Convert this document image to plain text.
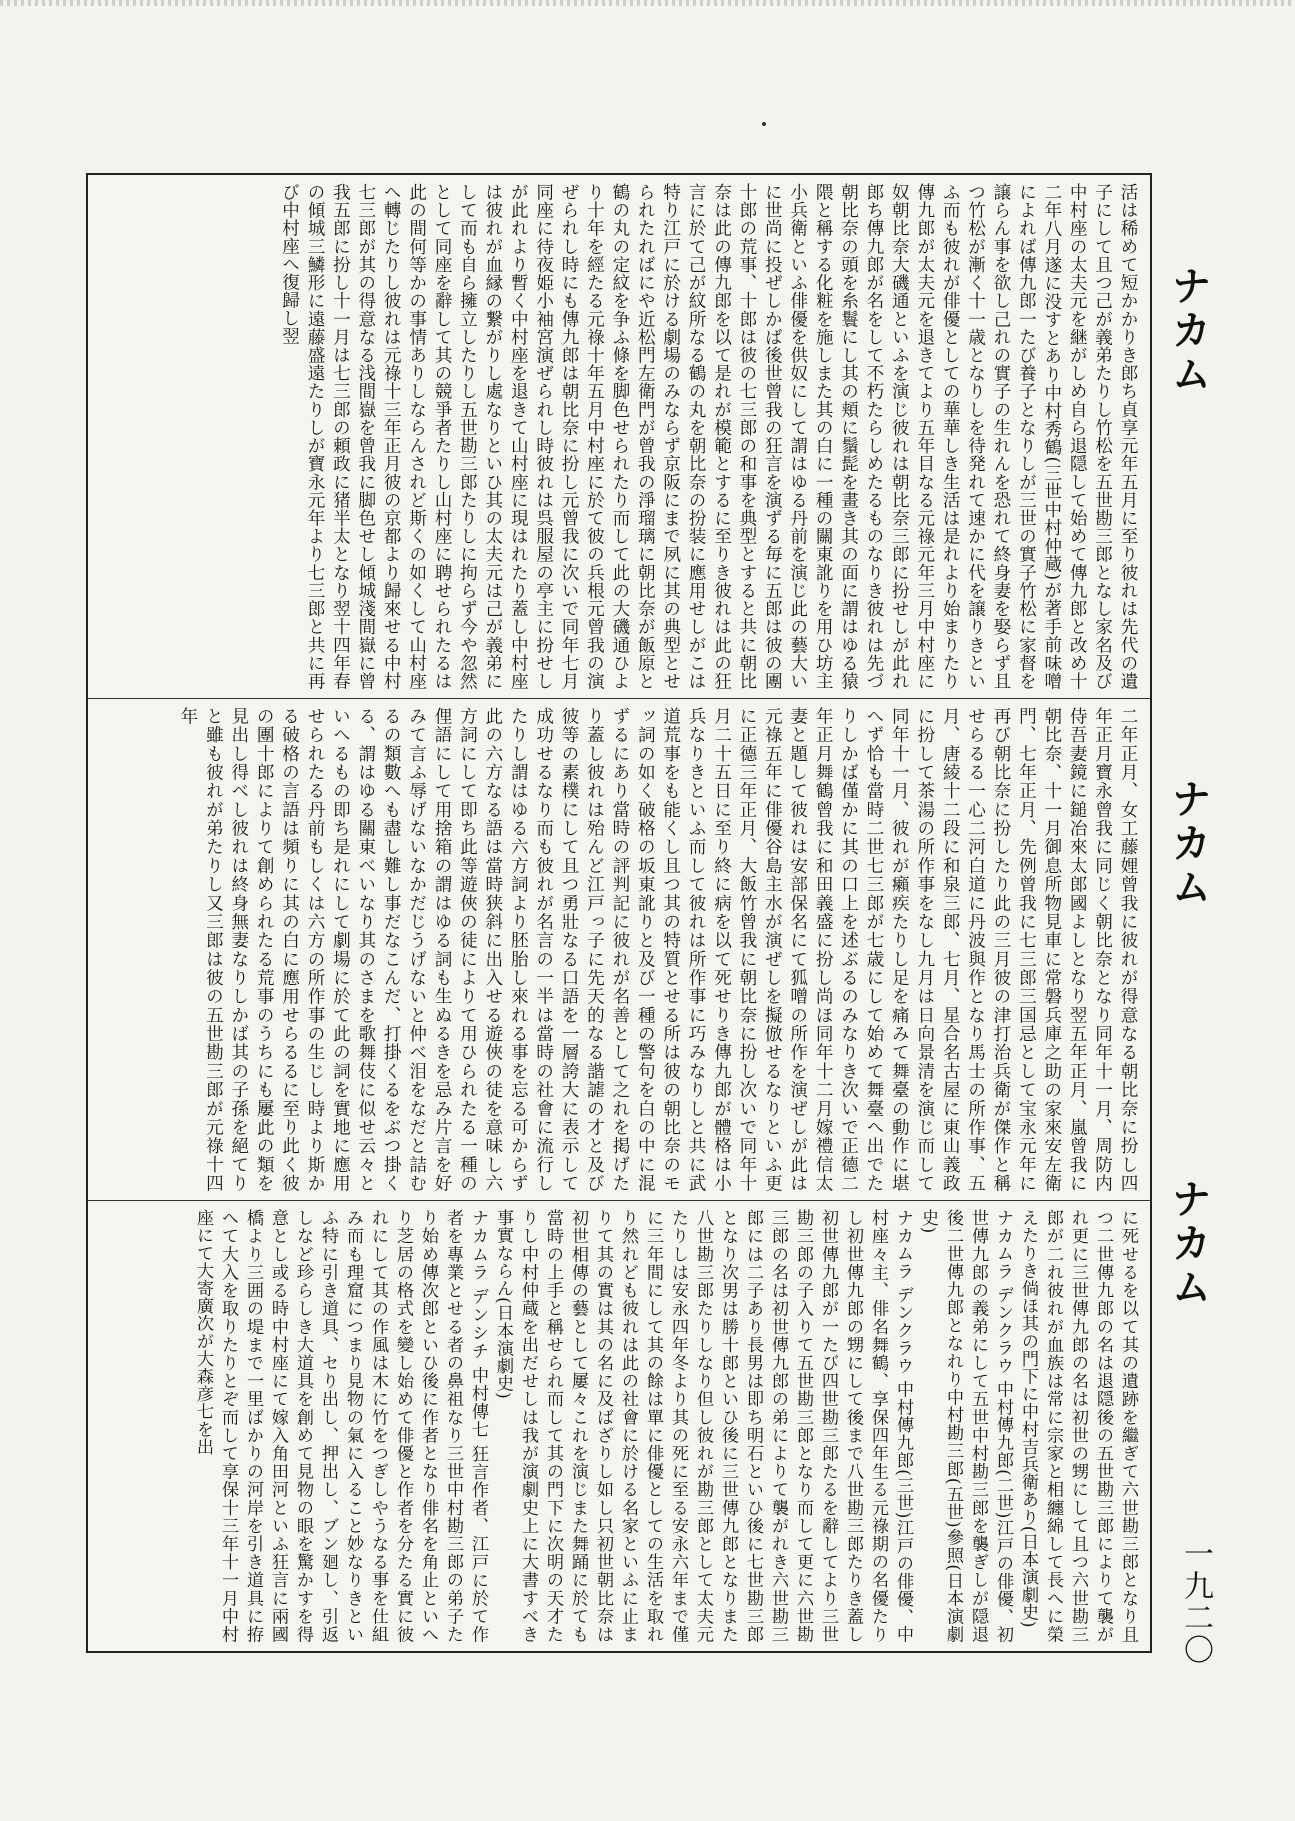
活は稀めて短かかりき郎ち貞享元年五月に至り彼れは先代の遺子にして且つ己が義弟たりし竹松を五世勘三郎となし家名及び中村座の太夫元を継がしめ自ら退隠して始めて傳九郎と改め十二年八月遂に没すとあり中村秀鶴(三世中村仲蔵)が著手前味噌によれば傳九郎一たび養子となりしが三世の實子竹松に家督を譲らん事を欲し己れの實子の生れんを恐れて終身妻を娶らず且つ竹松が漸く十一歳となりしを待発れて速かに代を譲りきといふ而も彼れが俳優としての華華しき生活は是れより始まりたり傳九郎が太夫元を退きてより五年目なる元祿元年三月中村座に奴朝比奈大磯通といふを演じ彼れは朝比奈三郎に扮せしが此れ郎ち傳九郎が名をして不朽たらしめたるものなりき彼れは先づ朝比奈の頭を糸鬟にし其の頬に鬚髭を畫き其の面に謂はゆる猿隈と稱する化粧を施しまた其の白に一種の關東訛りを用ひ坊主小兵衛といふ俳優を供奴にして謂はゆる丹前を演じ此の藝大いに世尚に投ぜしかば後世曾我の狂言を演ずる毎に五郎は彼の團十郎の荒事、十郎は彼の七三郎の和事を典型とすると共に朝比奈は此の傳九郎を以て是れが模範とするに至りき彼れは此の狂言に於て己が紋所なる鶴の丸を朝比奈の扮装に應用せしがこは特り江戸に於ける劇場のみならず京阪にまで夙に其の典型とせられたればにや近松門左衛門が曾我の淨瑠璃に朝比奈が飯原と鶴の丸の定紋を争ふ條を脚色せられたり而して此の大磯通ひより十年を經たる元祿十年五月中村座に於て彼の兵根元曾我の演ぜられし時にも傳九郎は朝比奈に扮し元曾我に次いで同年七月同座に待夜姫小袖宮演ぜられし時彼れは呉服屋の亭主に扮せしが此れより暫く中村座を退きて山村座に現はれたり蓋し中村座は彼れが血縁の繋がりし處なりといひ其の太夫元は己が義弟にして而も自ら擁立したりし五世勘三郎たりしに拘らず今や忽然として同座を辭して其の競爭者たりし山村座に聘せられたるは此の間何等かの事情ありしならんされど斯くの如くして山村座へ轉じたりし彼れは元祿十三年正月彼の京都より歸來せる中村七三郎が其の得意なる浅間嶽を曾我に脚色せし傾城淺間嶽に曾我五郎に扮し十一月は七三郎の頼政に猪半太となり翌十四年春の傾城三鱗形に遠藤盛遠たりしが寶永元年より七三郎と共に再び中村座へ復歸し翌
二年正月、女工藤娌曾我に彼れが得意なる朝比奈に扮し四年正月寶永曾我に同じく朝比奈となり同年十一月、周防内侍吾妻鏡に鎚冶來太郎國よしとなり翌五年正月、嵐曾我に朝比奈、十一月御息所物見車に常磐兵庫之助の家來安左衛門、七年正月、先例曾我に七三郎三国忌として宝永元年に再び朝比奈に扮したり此の三月彼の津打治兵衛が傑作と稱せらるる一心二河白道に丹波與作となり馬士の所作事、五月、唐綾十二段に和泉三郎、七月、星合名古屋に東山義政に扮して茶湯の所作事をなし九月は日向景清を演じ而して同年十一月、彼れが癩疾たりし足を痛みて舞臺の動作に堪へず恰も當時二世七三郎が七歳にして始めて舞臺へ出でたりしかば僅かに其の口上を述ぶるのみなりき次いで正德二年正月舞鶴曾我に和田義盛に扮し尚ほ同年十二月嫁禮信太妻と題して彼れは安部保名にて狐噌の所作を演ぜしが此は元祿五年に俳優谷島主水が演ぜしを擬倣せるなりといふ更に正德三年正月、大飯竹曾我に朝比奈に扮し次いで同年十月二十五日に至り終に病を以て死せりき傳九郎が體格は小兵なりきといふ而して彼れは所作事に巧みなりしと共に武道荒事をも能くし且つ其の特質とせる所は彼の朝比奈のモッ詞の如く破格の坂東訛りと及び一種の警句を白の中に混ずるにあり當時の評判記に彼れが名善として之れを掲げたり蓋し彼れは殆んど江戸っ子に先天的なる諧謔の才と及び彼等の素樸にして且つ勇壯なる口語を一層誇大に表示して成功せるなり而も彼れが名言の一半は當時の社會に流行したりし謂はゆる六方詞より胚胎し來れる事を忘る可からず此の六方なる語は當時狭斜に出入せる遊俠の徒を意味し六方詞にして即ち此等遊俠の徒によりて用ひられたる一種の俚語にして用捨箱の謂はゆる詞も生ぬるきを忌み片言を好みて言ふ辱げないなかだじうげないと仲べ泪をなだと詰むるの類數へも盡し難し事だなこんだ、打掛くるをぶつ掛くる、謂はゆる關東べいなり其のさまを歌舞伎に似せ云々といへるもの即ち是れにして劇場に於て此の詞を實地に應用せられたる丹前もしくは六方の所作事の生じし時より斯かる破格の言語は頻りに其の白に應用せらるるに至り此く彼の團十郎によりて創められたる荒事のうちにも屢此の類を見出し得べし彼れは終身無妻なりしかば其の子孫を絕てりと雖も彼れが弟たりし又三郎は彼の五世勘三郎が元祿十四年
に死せるを以て其の遺跡を繼ぎて六世勘三郎となり且つ二世傳九郎の名は退隠後の五世勘三郎によりて襲がれ更に三世傳九郎の名は初世の甥にして且つ六世勘三郎が二れ彼れが血族は常に宗家と相纏綿して長へに榮えたりき倘ほ其の門下に中村吉兵衛あり(日本演劇史)
ナカムラ デンクラウ 中村傳九郎(二世)江戸の俳優、初世傳九郎の義弟にして五世中村勘三郎を襲ぎしが隠退後二世傳九郎となれり中村勘三郎(五世)參照(日本演劇史)
ナカムラ デンクラウ 中村傳九郎(三世)江戸の俳優、中村座々主、俳名舞鶴、享保四年生る元祿期の名優たりし初世傳九郎の甥にして後まで八世勘三郎たりき蓋し初世傳九郎が一たび四世勘三郎たるを辭してより三世勘三郎の子入りて五世勘三郎となり而して更に六世勘三郎の名は初世傳九郎の弟によりて襲がれき六世勘三郎には二子あり長男は即ち明石といひ後に七世勘三郎となり次男は勝十郎といひ後に三世傳九郎となりまた八世勘三郎たりしなり但し彼れが勘三郎として太夫元たりしは安永四年冬より其の死に至る安永六年まで僅に三年間にして其の餘は單に俳優としての生活を取れり然れども彼れは此の社會に於ける名家といふに止まりて其の實は其の名に及ばざりし如し只初世朝比奈は初世相傳の藝として屢々これを演じまた舞踊に於ても當時の上手と稱せられ而して其の門下に次明の天才たりし中村仲蔵を出だせしは我が演劇史上に大書すべき事實ならん(日本演劇史)
ナカムラ デンシチ 中村傳七 狂言作者、江戸に於て作者を專業とせる者の鼻祖なり三世中村勘三郎の弟子たり始め傳次郎といひ後に作者となり俳名を角止といへり芝居の格式を變し始めて俳優と作者を分たる實に彼れにして其の作風は木に竹をつぎしやうなる事を仕組み而も理窟につまり見物の氣に入ること妙なりきといふ特に引き道具、セり出し、押出し、ブン廻し、引返しなど珍らしき大道具を創めて見物の眼を驚かすを得意とし或る時中村座にて嫁入角田河といふ狂言に兩國橋より三囲の堤まで一里ばかりの河岸を引き道具に拵へて大入を取りたりとぞ而して享保十三年十一月中村座にて大寄廣次が大森彦七を出
ナカム
ナカム
ナカム
一九二〇
